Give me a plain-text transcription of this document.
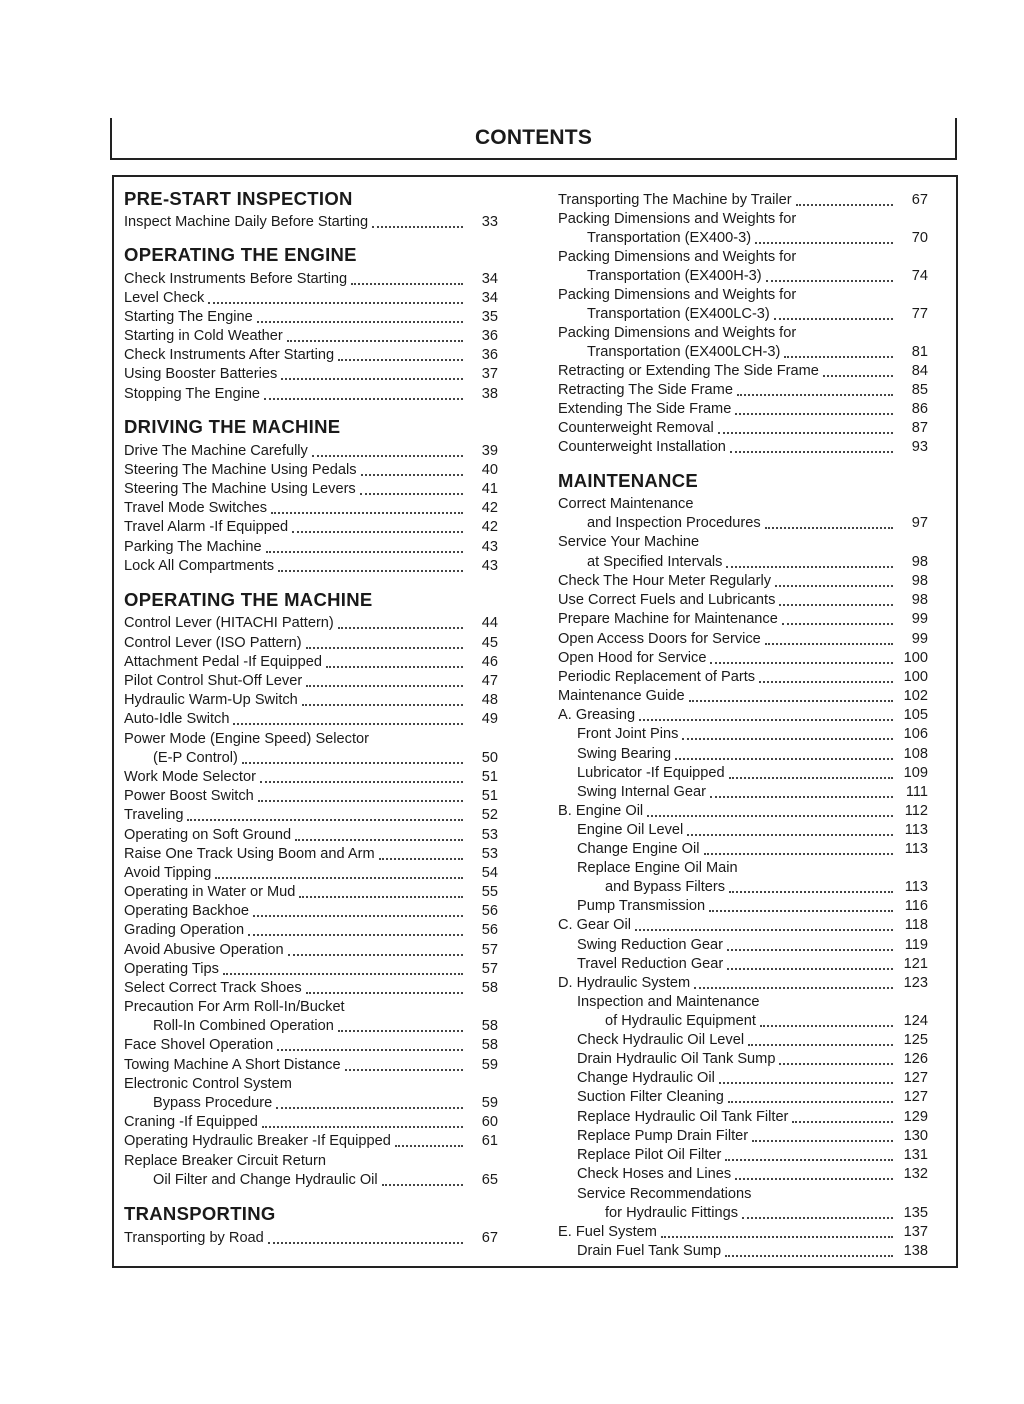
CONTENTS
PRE-START INSPECTION
Inspect Machine Daily Before Starting	33
OPERATING THE ENGINE
Check Instruments Before Starting	34
Level Check	34
Starting The Engine	35
Starting in Cold Weather	36
Check Instruments After Starting	36
Using Booster Batteries	37
Stopping The Engine	38
DRIVING THE MACHINE
Drive The Machine Carefully	39
Steering The Machine Using Pedals	40
Steering The Machine Using Levers	41
Travel Mode Switches	42
Travel Alarm -If Equipped	42
Parking The Machine	43
Lock All Compartments	43
OPERATING THE MACHINE
Control Lever (HITACHI Pattern)	44
Control Lever (ISO Pattern)	45
Attachment Pedal -If Equipped	46
Pilot Control Shut-Off Lever	47
Hydraulic Warm-Up Switch	48
Auto-Idle Switch	49
Power Mode (Engine Speed) Selector
(E-P Control)	50
Work Mode Selector	51
Power Boost Switch	51
Traveling	52
Operating on Soft Ground	53
Raise One Track Using Boom and Arm	53
Avoid Tipping	54
Operating in Water or Mud	55
Operating Backhoe	56
Grading Operation	56
Avoid Abusive Operation	57
Operating Tips	57
Select Correct Track Shoes	58
Precaution For Arm Roll-In/Bucket
Roll-In Combined Operation	58
Face Shovel Operation	58
Towing Machine A Short Distance	59
Electronic Control System
Bypass Procedure	59
Craning -If Equipped	60
Operating Hydraulic Breaker -If Equipped	61
Replace Breaker Circuit Return
Oil Filter and Change Hydraulic Oil	65
TRANSPORTING
Transporting by Road	67
Transporting The Machine by Trailer	67
Packing Dimensions and Weights for
Transportation (EX400-3)	70
Packing Dimensions and Weights for
Transportation (EX400H-3)	74
Packing Dimensions and Weights for
Transportation (EX400LC-3)	77
Packing Dimensions and Weights for
Transportation (EX400LCH-3)	81
Retracting or Extending The Side Frame	84
Retracting The Side Frame	85
Extending The Side Frame	86
Counterweight Removal	87
Counterweight Installation	93
MAINTENANCE
Correct Maintenance
and Inspection Procedures	97
Service Your Machine
at Specified Intervals	98
Check The Hour Meter Regularly	98
Use Correct Fuels and Lubricants	98
Prepare Machine for Maintenance	99
Open Access Doors for Service	99
Open Hood for Service	100
Periodic Replacement of Parts	100
Maintenance Guide	102
A. Greasing	105
Front Joint Pins	106
Swing Bearing	108
Lubricator -If Equipped	109
Swing Internal Gear	111
B. Engine Oil	112
Engine Oil Level	113
Change Engine Oil	113
Replace Engine Oil Main
and Bypass Filters	113
Pump Transmission	116
C. Gear Oil	118
Swing Reduction Gear	119
Travel Reduction Gear	121
D. Hydraulic System	123
Inspection and Maintenance
of Hydraulic Equipment	124
Check Hydraulic Oil Level	125
Drain Hydraulic Oil Tank Sump	126
Change Hydraulic Oil	127
Suction Filter Cleaning	127
Replace Hydraulic Oil Tank Filter	129
Replace Pump Drain Filter	130
Replace Pilot Oil Filter	131
Check Hoses and Lines	132
Service Recommendations
for Hydraulic Fittings	135
E. Fuel System	137
Drain Fuel Tank Sump	138
